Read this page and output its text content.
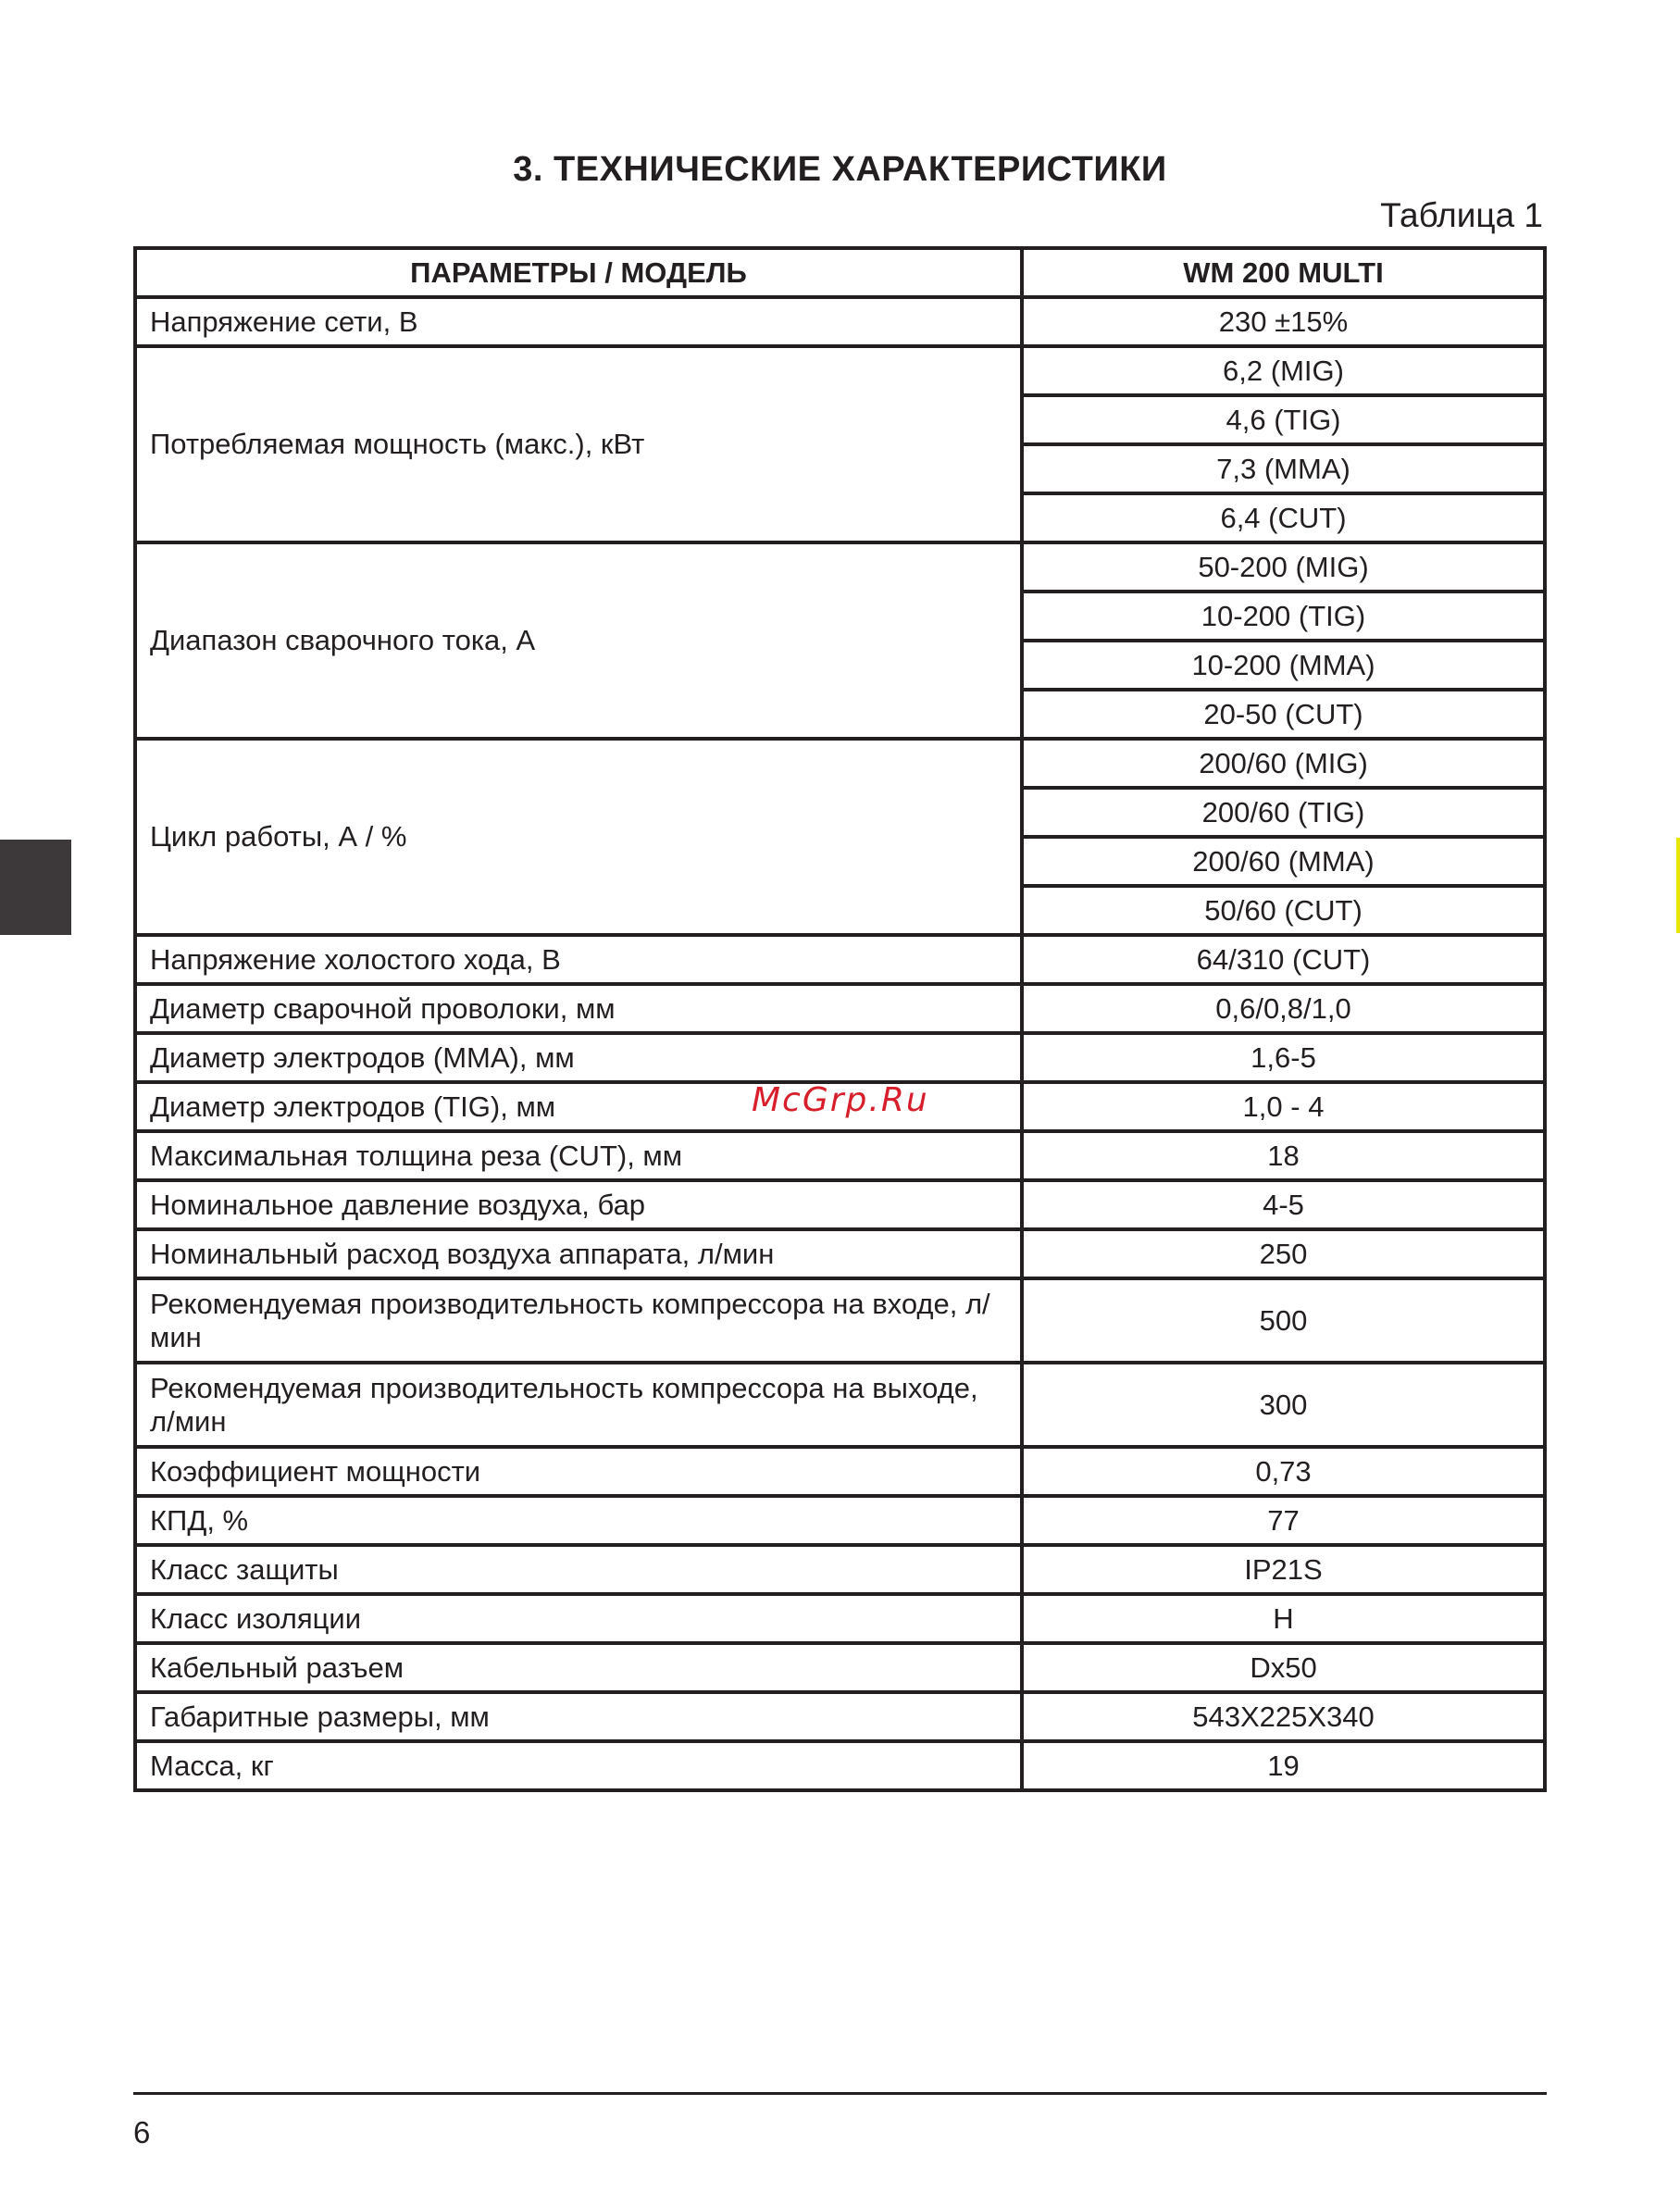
3. ТЕХНИЧЕСКИЕ ХАРАКТЕРИСТИКИ
Таблица 1
ПАРАМЕТРЫ / МОДЕЛЬ	WM 200 MULTI
Напряжение сети, В	230 ±15%
Потребляемая мощность (макс.), кВт	6,2 (MIG)
	4,6 (TIG)
	7,3 (MMA)
	6,4 (CUT)
Диапазон сварочного тока, А	50-200 (MIG)
	10-200 (TIG)
	10-200 (MMA)
	20-50 (CUT)
Цикл работы, А / %	200/60 (MIG)
	200/60 (TIG)
	200/60 (MMA)
	50/60 (CUT)
Напряжение холостого хода, В	64/310 (CUT)
Диаметр сварочной проволоки, мм	0,6/0,8/1,0
Диаметр электродов (MMA), мм	1,6-5
Диаметр электродов (TIG), мм	1,0 - 4
Максимальная толщина реза (CUT), мм	18
Номинальное давление воздуха, бар	4-5
Номинальный расход воздуха аппарата, л/мин	250
Рекомендуемая производительность компрессора на входе, л/мин	500
Рекомендуемая производительность компрессора на выходе, л/мин	300
Коэффициент мощности	0,73
КПД, %	77
Класс защиты	IP21S
Класс изоляции	H
Кабельный разъем	Dx50
Габаритные размеры, мм	543X225X340
Масса, кг	19
McGrp.Ru
6
